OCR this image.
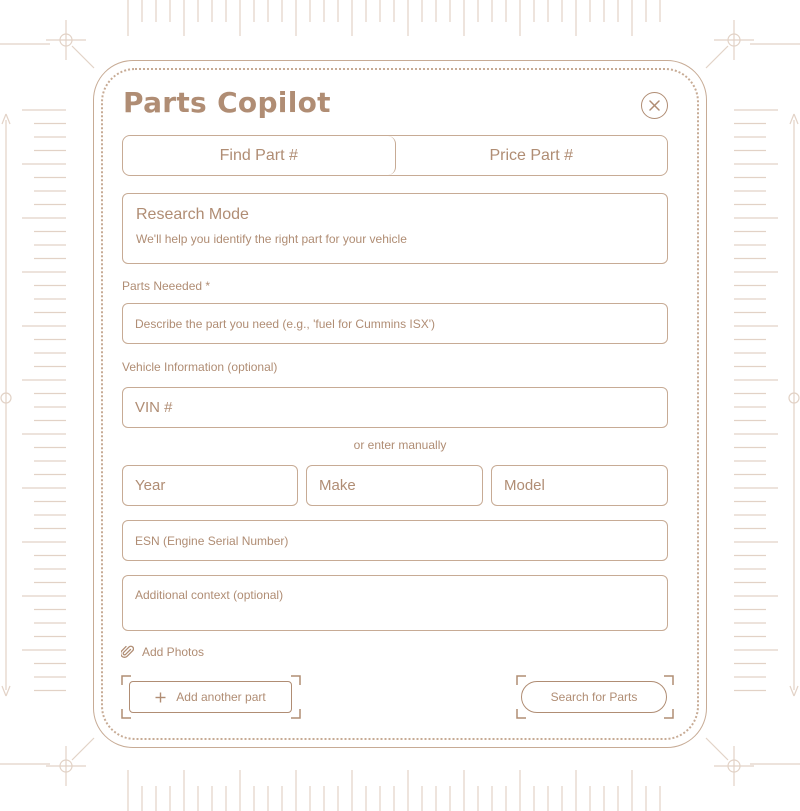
Parts Copilot
Find Part #	Price Part #
Research Mode
We'll help you identify the right part for your vehicle
Parts Neeeded *
Describe the part you need (e.g., 'fuel for Cummins ISX')
Vehicle Information (optional)
VIN #
or enter manually
Year
Make
Model
ESN (Engine Serial Number)
Additional context (optional)
Add Photos
Add another part	Search for Parts
